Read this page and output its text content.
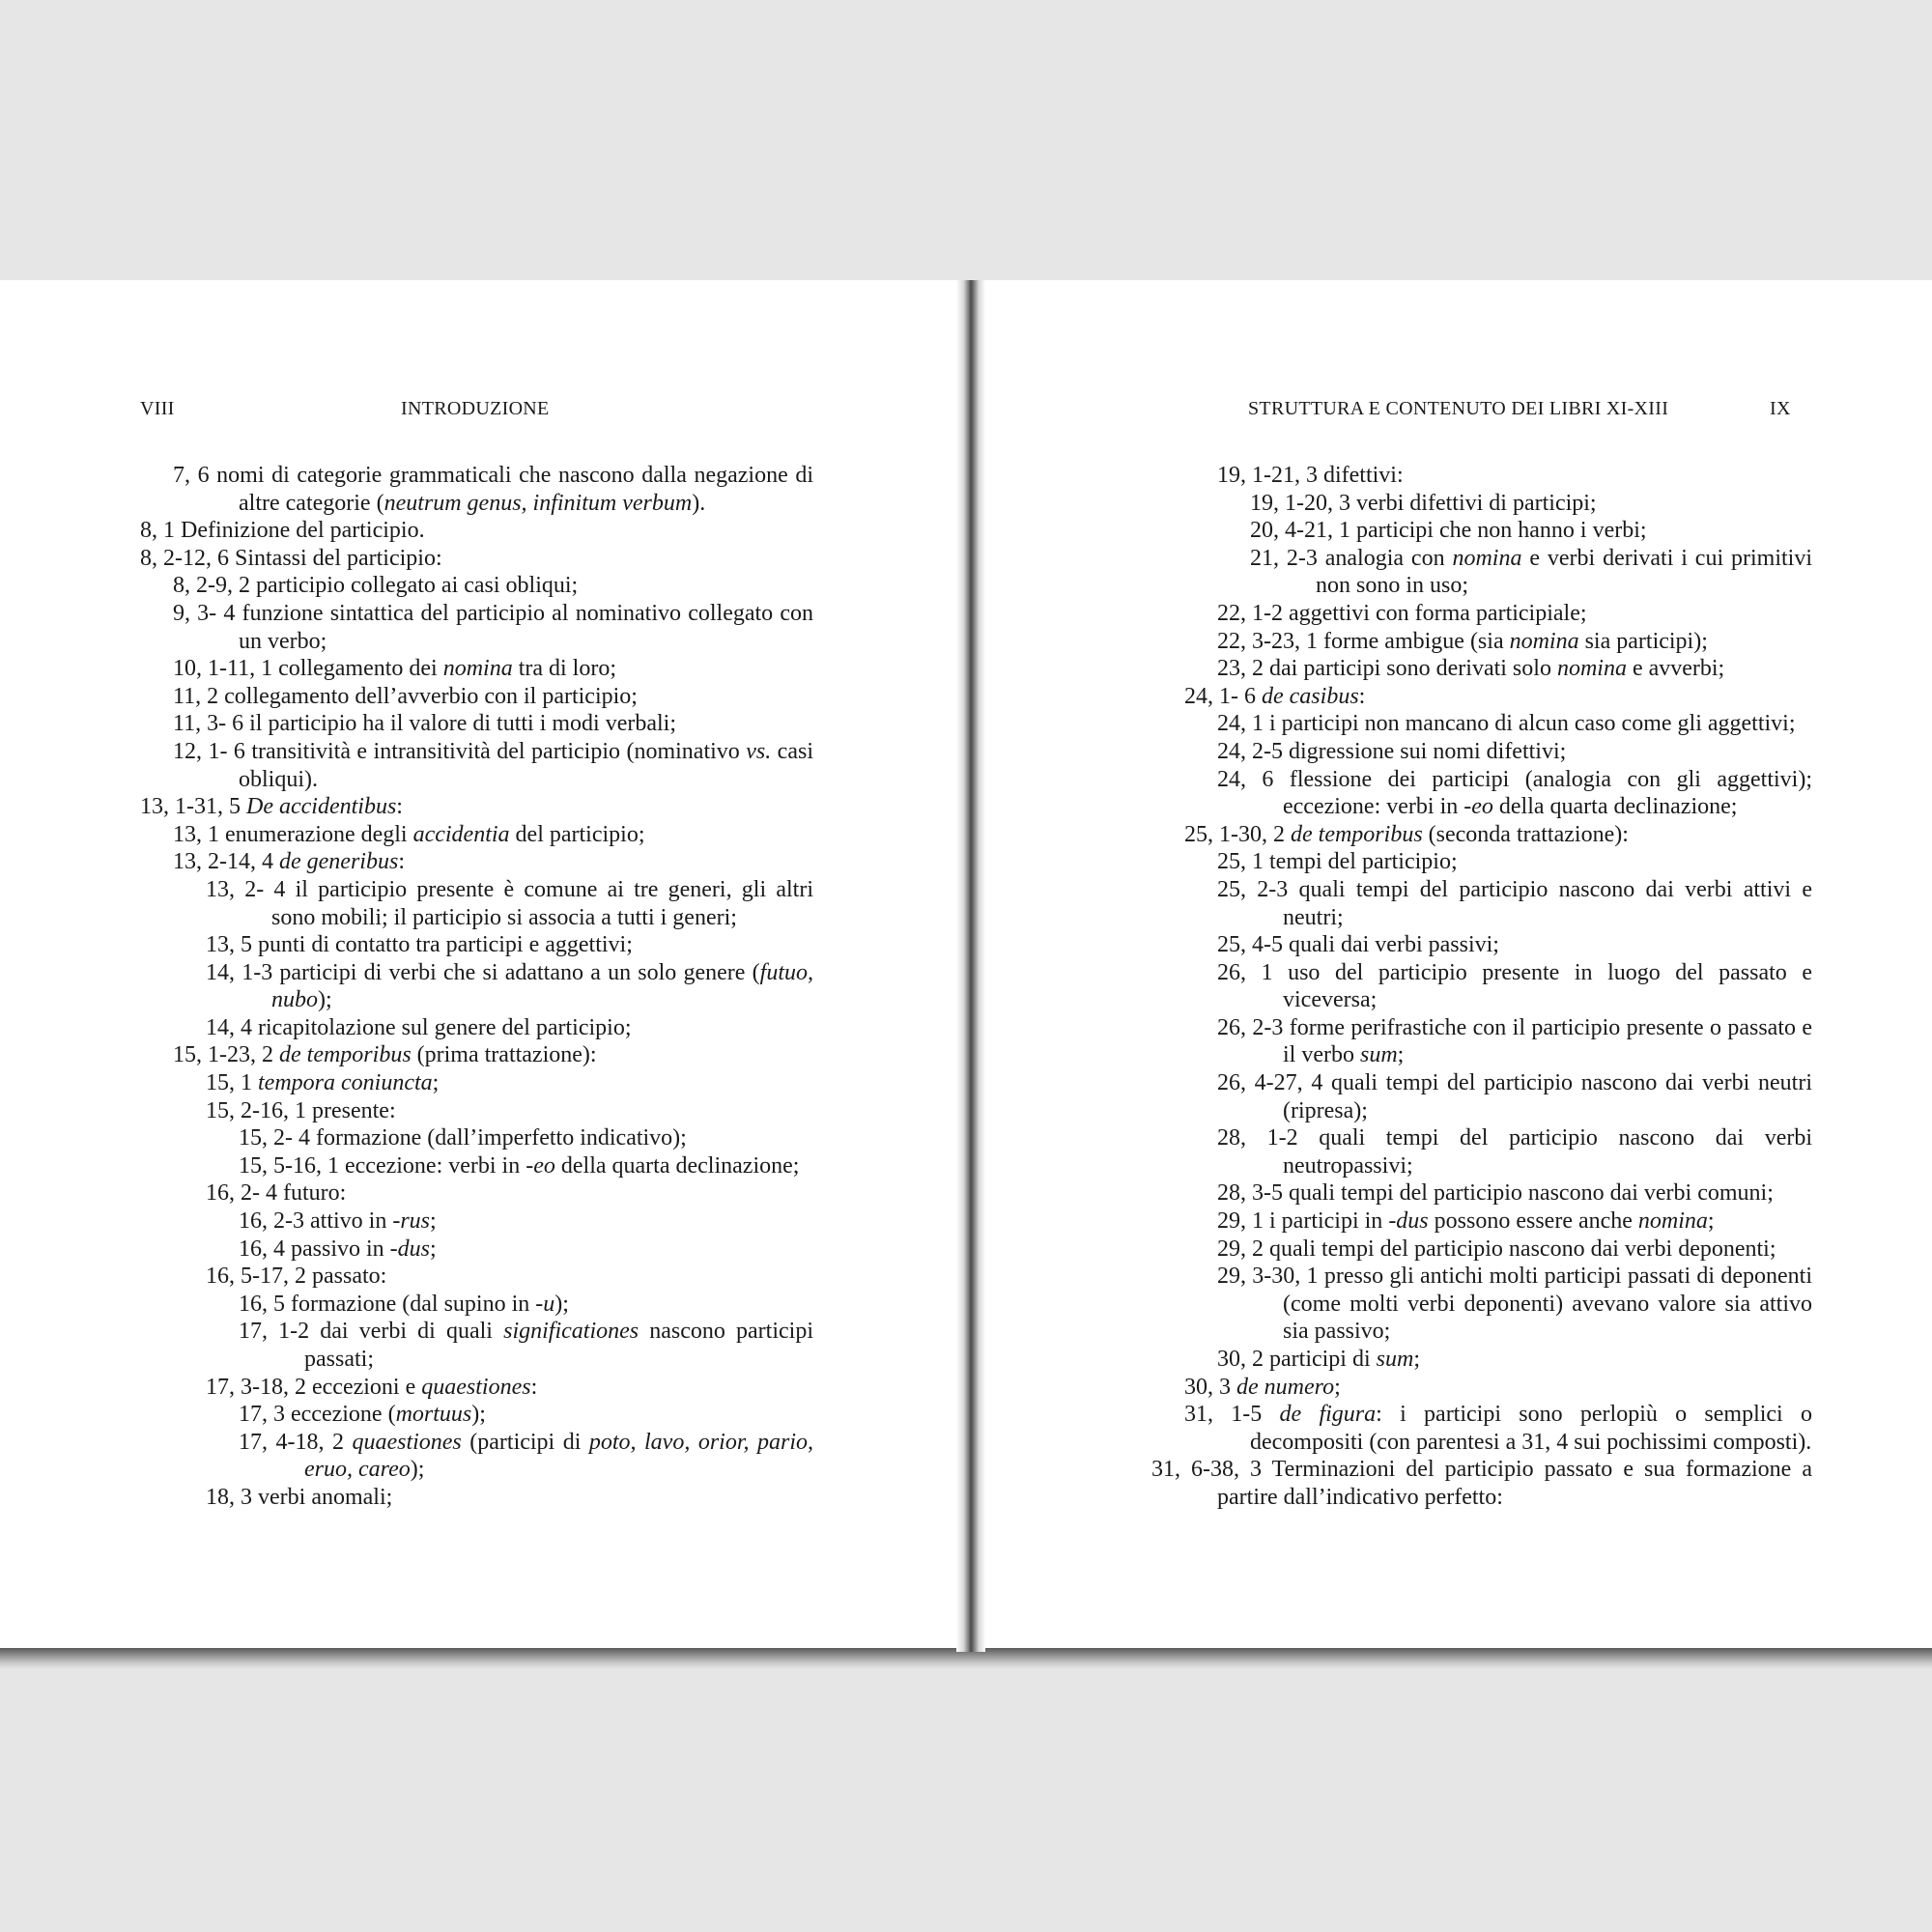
VIII	INTRODUZIONE
7, 6 nomi di categorie grammaticali che nascono dalla negazione di altre categorie (neutrum genus, infinitum verbum).
8, 1 Definizione del participio.
8, 2-12, 6 Sintassi del participio:
8, 2-9, 2 participio collegato ai casi obliqui;
9, 3- 4 funzione sintattica del participio al nominativo collegato con un verbo;
10, 1-11, 1 collegamento dei nomina tra di loro;
11, 2 collegamento dell’avverbio con il participio;
11, 3- 6 il participio ha il valore di tutti i modi verbali;
12, 1- 6 transitività e intransitività del participio (nominativo vs. casi obliqui).
13, 1-31, 5 De accidentibus:
13, 1 enumerazione degli accidentia del participio;
13, 2-14, 4 de generibus:
13, 2- 4 il participio presente è comune ai tre generi, gli altri sono mobili; il participio si associa a tutti i generi;
13, 5 punti di contatto tra participi e aggettivi;
14, 1-3 participi di verbi che si adattano a un solo genere (futuo, nubo);
14, 4 ricapitolazione sul genere del participio;
15, 1-23, 2 de temporibus (prima trattazione):
15, 1 tempora coniuncta;
15, 2-16, 1 presente:
15, 2- 4 formazione (dall’imperfetto indicativo);
15, 5-16, 1 eccezione: verbi in -eo della quarta declinazione;
16, 2- 4 futuro:
16, 2-3 attivo in -rus;
16, 4 passivo in -dus;
16, 5-17, 2 passato:
16, 5 formazione (dal supino in -u);
17, 1-2 dai verbi di quali significationes nascono participi passati;
17, 3-18, 2 eccezioni e quaestiones:
17, 3 eccezione (mortuus);
17, 4-18, 2 quaestiones (participi di poto, lavo, orior, pario, eruo, careo);
18, 3 verbi anomali;
STRUTTURA E CONTENUTO DEI LIBRI XI-XIII	IX
19, 1-21, 3 difettivi:
19, 1-20, 3 verbi difettivi di participi;
20, 4-21, 1 participi che non hanno i verbi;
21, 2-3 analogia con nomina e verbi derivati i cui primitivi non sono in uso;
22, 1-2 aggettivi con forma participiale;
22, 3-23, 1 forme ambigue (sia nomina sia participi);
23, 2 dai participi sono derivati solo nomina e avverbi;
24, 1- 6 de casibus:
24, 1 i participi non mancano di alcun caso come gli aggettivi;
24, 2-5 digressione sui nomi difettivi;
24, 6 flessione dei participi (analogia con gli aggettivi); eccezione: verbi in -eo della quarta declinazione;
25, 1-30, 2 de temporibus (seconda trattazione):
25, 1 tempi del participio;
25, 2-3 quali tempi del participio nascono dai verbi attivi e neutri;
25, 4-5 quali dai verbi passivi;
26, 1 uso del participio presente in luogo del passato e viceversa;
26, 2-3 forme perifrastiche con il participio presente o passato e il verbo sum;
26, 4-27, 4 quali tempi del participio nascono dai verbi neutri (ripresa);
28, 1-2 quali tempi del participio nascono dai verbi neutropassivi;
28, 3-5 quali tempi del participio nascono dai verbi comuni;
29, 1 i participi in -dus possono essere anche nomina;
29, 2 quali tempi del participio nascono dai verbi deponenti;
29, 3-30, 1 presso gli antichi molti participi passati di deponenti (come molti verbi deponenti) avevano valore sia attivo sia passivo;
30, 2 participi di sum;
30, 3 de numero;
31, 1-5 de figura: i participi sono perlopiù o semplici o decompositi (con parentesi a 31, 4 sui pochissimi composti).
31, 6-38, 3 Terminazioni del participio passato e sua formazione a partire dall’indicativo perfetto:
